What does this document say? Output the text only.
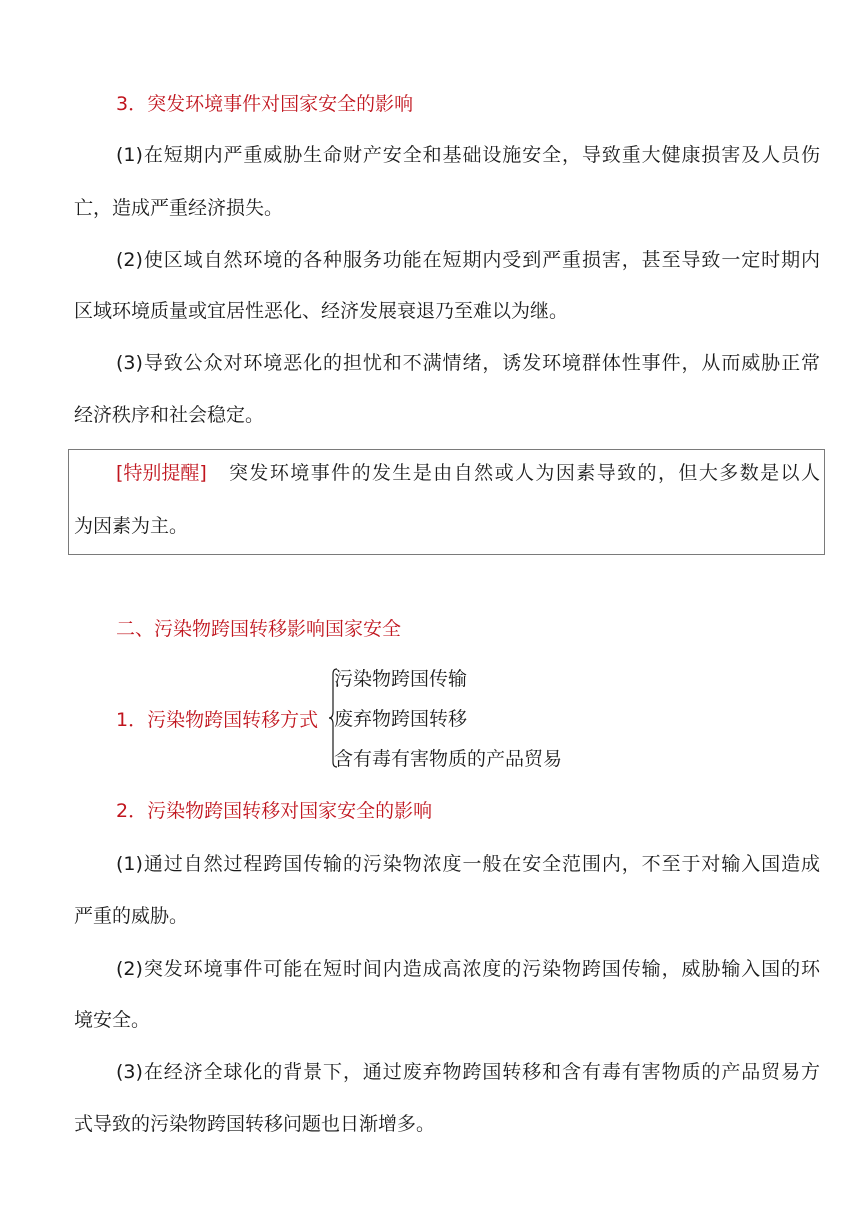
3．突发环境事件对国家安全的影响
(1)在短期内严重威胁生命财产安全和基础设施安全，导致重大健康损害及人员伤
亡，造成严重经济损失。
(2)使区域自然环境的各种服务功能在短期内受到严重损害，甚至导致一定时期内
区域环境质量或宜居性恶化、经济发展衰退乃至难以为继。
(3)导致公众对环境恶化的担忧和不满情绪，诱发环境群体性事件，从而威胁正常
经济秩序和社会稳定。
[特别提醒] 突发环境事件的发生是由自然或人为因素导致的，但大多数是以人
为因素为主。
二、污染物跨国转移影响国家安全
1．污染物跨国转移方式
污染物跨国传输
废弃物跨国转移
含有毒有害物质的产品贸易
2．污染物跨国转移对国家安全的影响
(1)通过自然过程跨国传输的污染物浓度一般在安全范围内，不至于对输入国造成
严重的威胁。
(2)突发环境事件可能在短时间内造成高浓度的污染物跨国传输，威胁输入国的环
境安全。
(3)在经济全球化的背景下，通过废弃物跨国转移和含有毒有害物质的产品贸易方
式导致的污染物跨国转移问题也日渐增多。
